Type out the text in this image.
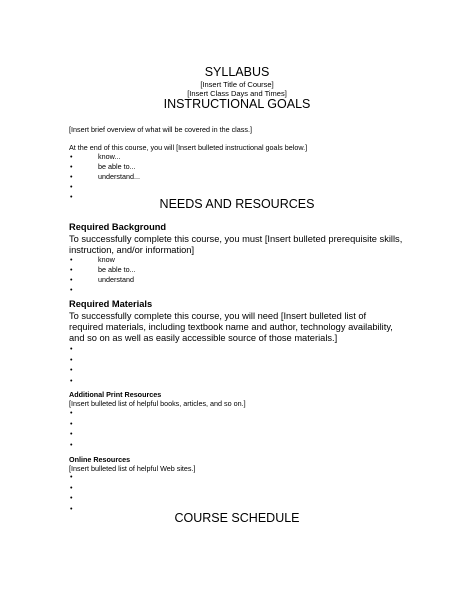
SYLLABUS
[Insert Title of Course]
[Insert Class Days and Times]
INSTRUCTIONAL GOALS
[Insert brief overview of what will be covered in the class.]
At the end of this course, you will [Insert bulleted instructional goals below.]
•	know...
•	be able to...
•	understand...
•
•
NEEDS AND RESOURCES
Required Background
To successfully complete this course, you must [Insert bulleted prerequisite skills,
instruction, and/or information]
•	know
•	be able to...
•	understand
•
Required Materials
To successfully complete this course, you will need [Insert bulleted list of
required materials, including textbook name and author, technology availability,
and so on as well as easily accessible source of those materials.]
•
•
•
•
Additional Print Resources
[Insert bulleted list of helpful books, articles, and so on.]
•
•
•
•
Online Resources
[Insert bulleted list of helpful Web sites.]
•
•
•
•
COURSE SCHEDULE
